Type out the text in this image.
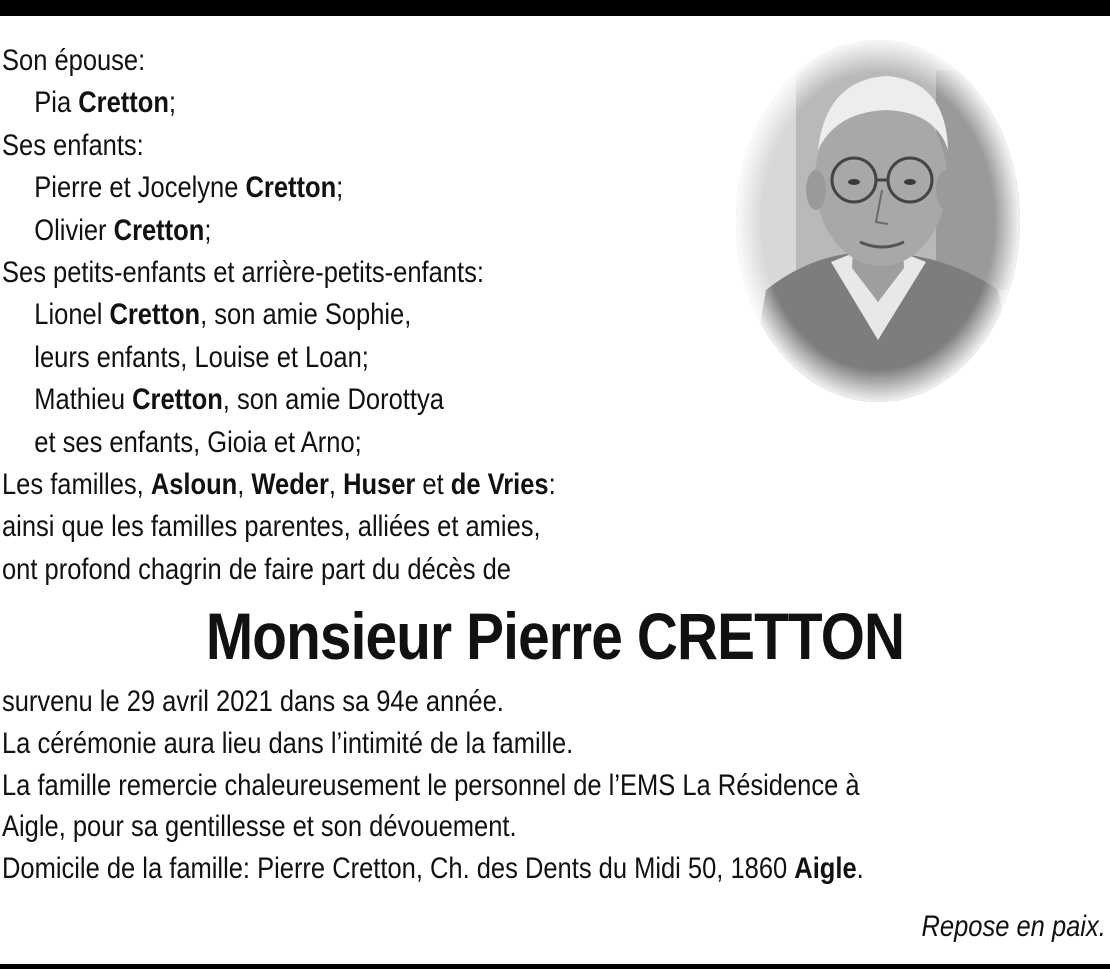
Son épouse:
Pia Cretton;
Ses enfants:
Pierre et Jocelyne Cretton;
Olivier Cretton;
Ses petits-enfants et arrière-petits-enfants:
Lionel Cretton, son amie Sophie,
leurs enfants, Louise et Loan;
Mathieu Cretton, son amie Dorottya
et ses enfants, Gioia et Arno;
Les familles, Asloun, Weder, Huser et de Vries:
ainsi que les familles parentes, alliées et amies,
ont profond chagrin de faire part du décès de
Monsieur Pierre CRETTON
survenu le 29 avril 2021 dans sa 94e année.
La cérémonie aura lieu dans l’intimité de la famille.
La famille remercie chaleureusement le personnel de l’EMS La Résidence à
Aigle, pour sa gentillesse et son dévouement.
Domicile de la famille: Pierre Cretton, Ch. des Dents du Midi 50, 1860 Aigle.
Repose en paix.
